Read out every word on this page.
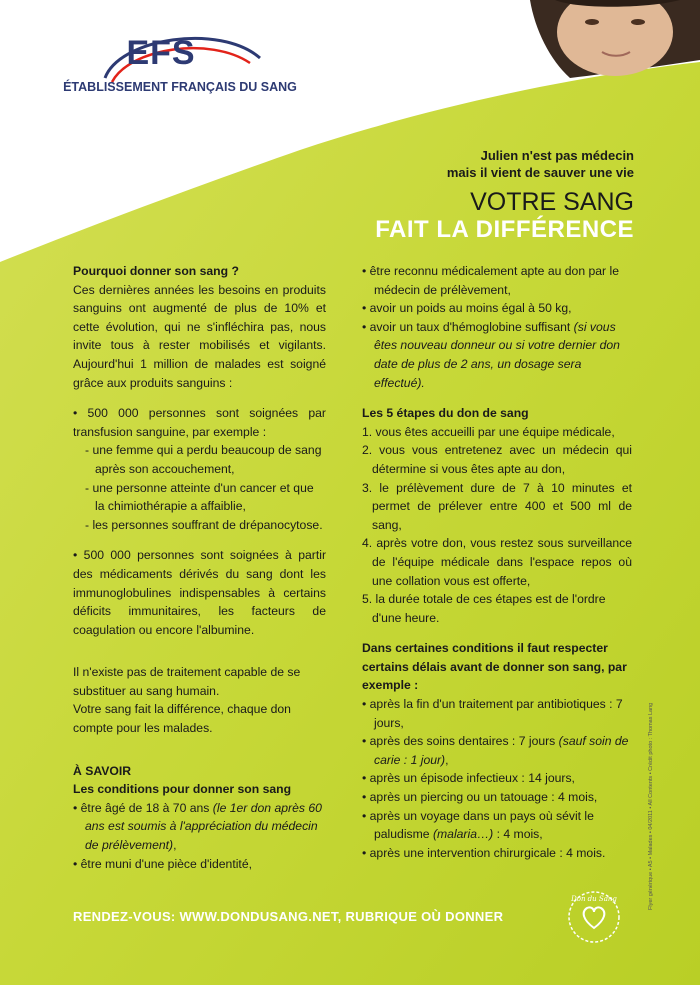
EFS
ÉTABLISSEMENT FRANÇAIS DU SANG
Julien n'est pas médecin
mais il vient de sauver une vie
VOTRE SANG
FAIT LA DIFFÉRENCE

Pourquoi donner son sang ?

Ces dernières années les besoins en produits sanguins ont augmenté de plus de 10% et cette évolution, qui ne s'infléchira pas, nous invite tous à rester mobilisés et vigilants. Aujourd'hui 1 million de malades est soigné grâce aux produits sanguins :

• 500 000 personnes sont soignées par transfusion sanguine, par exemple :

- une femme qui a perdu beaucoup de sang après son accouchement,

- une personne atteinte d'un cancer et que la chimiothérapie a affaiblie,

- les personnes souffrant de drépanocytose.

• 500 000 personnes sont soignées à partir des médicaments dérivés du sang dont les immunoglobulines indispensables à certains déficits immunitaires, les facteurs de coagulation ou encore l'albumine.

Il n'existe pas de traitement capable de se substituer au sang humain.

Votre sang fait la différence, chaque don compte pour les malades.

À SAVOIR

Les conditions pour donner son sang

• être âgé de 18 à 70 ans (le 1er don après 60 ans est soumis à l'appréciation du médecin de prélèvement),

• être muni d'une pièce d'identité,

• être reconnu médicalement apte au don par le médecin de prélèvement,

• avoir un poids au moins égal à 50 kg,

• avoir un taux d'hémoglobine suffisant (si vous êtes nouveau donneur ou si votre dernier don date de plus de 2 ans, un dosage sera effectué).

Les 5 étapes du don de sang

1. vous êtes accueilli par une équipe médicale,

2. vous vous entretenez avec un médecin qui détermine si vous êtes apte au don,

3. le prélèvement dure de 7 à 10 minutes et permet de prélever entre 400 et 500 ml de sang,

4. après votre don, vous restez sous surveillance de l'équipe médicale dans l'espace repos où une collation vous est offerte,

5. la durée totale de ces étapes est de l'ordre d'une heure.

Dans certaines conditions il faut respecter certains délais avant de donner son sang, par exemple :

• après la fin d'un traitement par antibiotiques : 7 jours,

• après des soins dentaires : 7 jours (sauf soin de carie : 1 jour),

• après un épisode infectieux : 14 jours,

• après un piercing ou un tatouage : 4 mois,

• après un voyage dans un pays où sévit le paludisme (malaria…) : 4 mois,

• après une intervention chirurgicale : 4 mois.

RENDEZ-VOUS: WWW.DONDUSANG.NET, RUBRIQUE OÙ DONNER
Flyer générique • A5 • Malades • 04/2011 • All Contents • Crédit photo : Thomas Lang
Don du Sang
